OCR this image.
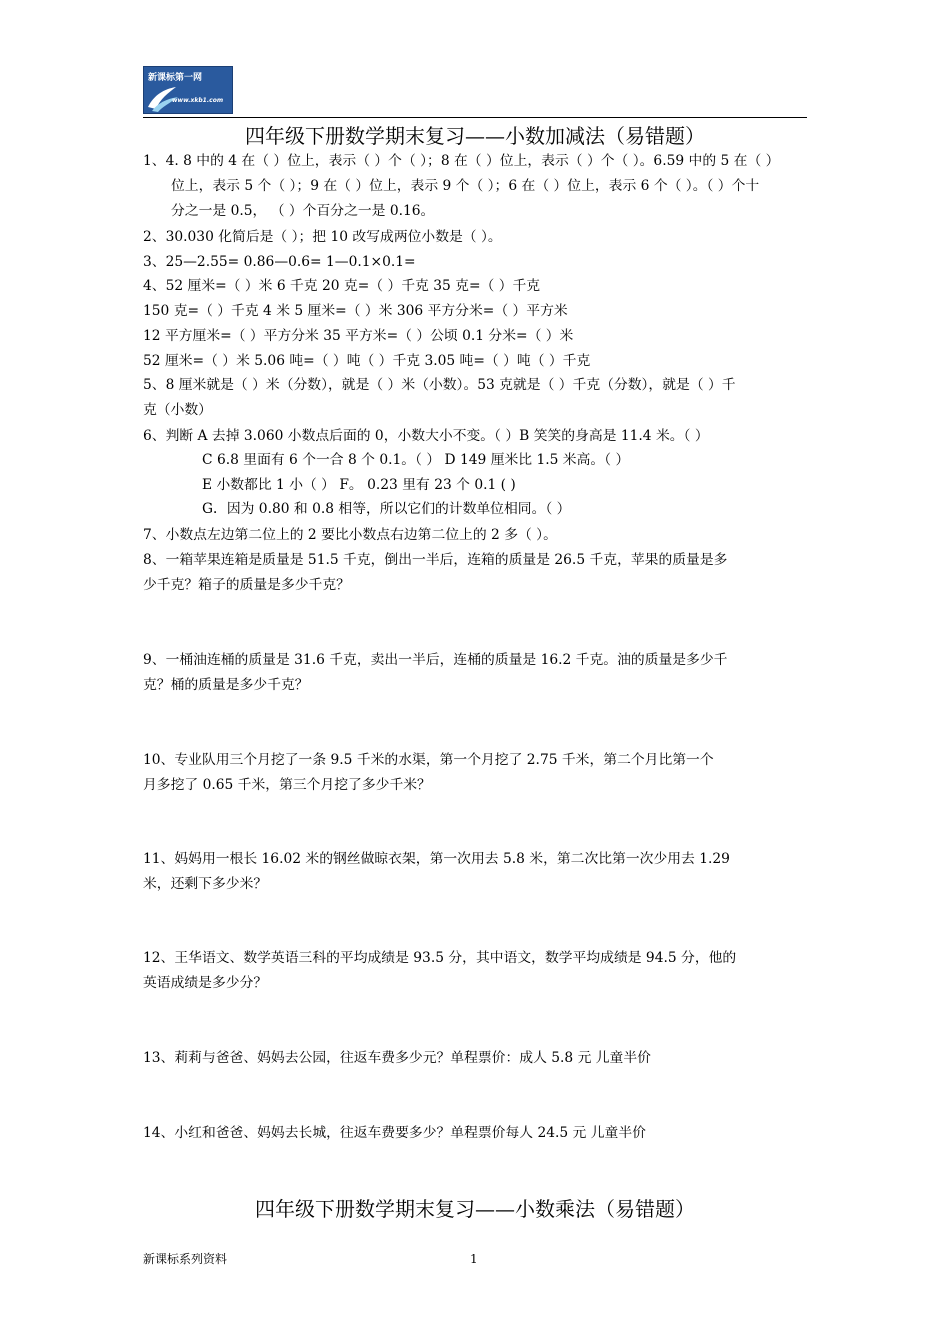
新课标第一网
www.xkb1.com
四年级下册数学期末复习——小数加减法（易错题）
1、4. 8 中的 4 在（ ）位上，表示（ ）个（ ）；8 在（ ）位上，表示（ ）个（ ）。6.59 中的 5 在（ ）
位上，表示 5 个（ ）；9 在（ ）位上，表示 9 个（ ）；6 在（ ）位上，表示 6 个（ ）。（ ）个十
分之一是 0.5， （ ）个百分之一是 0.16。
2、30.030 化简后是（ ）；把 10 改写成两位小数是（ ）。
3、25—2.55= 0.86—0.6= 1—0.1×0.1=
4、52 厘米=（ ）米 6 千克 20 克=（ ）千克 35 克=（ ）千克
150 克=（ ）千克 4 米 5 厘米=（ ）米 306 平方分米=（ ）平方米
12 平方厘米=（ ）平方分米 35 平方米=（ ）公顷 0.1 分米=（ ）米
52 厘米=（ ）米 5.06 吨=（ ）吨（ ）千克 3.05 吨=（ ）吨（ ）千克
5、8 厘米就是（ ）米（分数），就是（ ）米（小数）。53 克就是（ ）千克（分数），就是（ ）千
克（小数）
6、判断 A 去掉 3.060 小数点后面的 0，小数大小不变。（ ）B 笑笑的身高是 11.4 米。（ ）
C 6.8 里面有 6 个一合 8 个 0.1。（ ） D 149 厘米比 1.5 米高。（ ）
E 小数都比 1 小（ ） F。 0.23 里有 23 个 0.1 ( )
G．因为 0.80 和 0.8 相等，所以它们的计数单位相同。（ ）
7、小数点左边第二位上的 2 要比小数点右边第二位上的 2 多（ ）。
8、一箱苹果连箱是质量是 51.5 千克，倒出一半后，连箱的质量是 26.5 千克，苹果的质量是多
少千克？箱子的质量是多少千克？
9、一桶油连桶的质量是 31.6 千克，卖出一半后，连桶的质量是 16.2 千克。油的质量是多少千
克？桶的质量是多少千克？
10、专业队用三个月挖了一条 9.5 千米的水渠，第一个月挖了 2.75 千米，第二个月比第一个
月多挖了 0.65 千米，第三个月挖了多少千米？
11、妈妈用一根长 16.02 米的钢丝做晾衣架，第一次用去 5.8 米，第二次比第一次少用去 1.29
米，还剩下多少米？
12、王华语文、数学英语三科的平均成绩是 93.5 分，其中语文，数学平均成绩是 94.5 分，他的
英语成绩是多少分？
13、莉莉与爸爸、妈妈去公园，往返车费多少元？单程票价：成人 5.8 元 儿童半价
14、小红和爸爸、妈妈去长城，往返车费要多少？单程票价每人 24.5 元 儿童半价
四年级下册数学期末复习——小数乘法（易错题）
新课标系列资料	1
